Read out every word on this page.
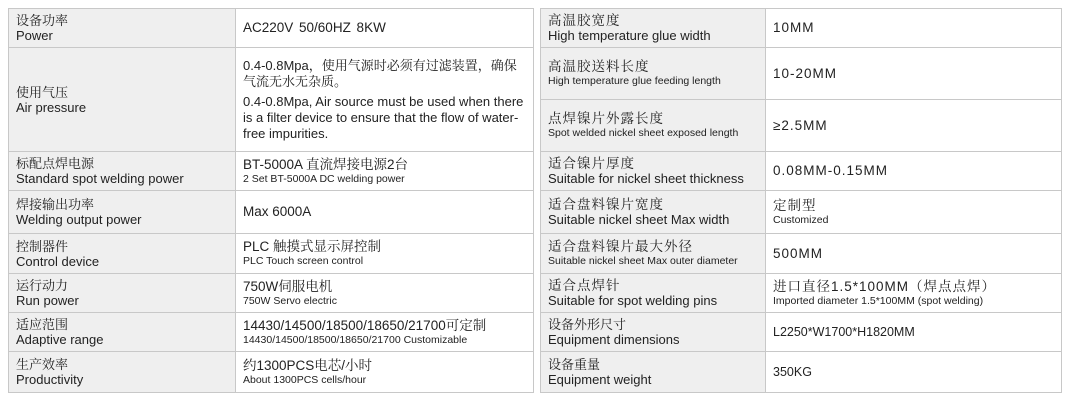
设备功率
Power	AC220V 50/60HZ 8KW

使用气压
Air pressure	0.4-0.8Mpa，使用气源时必须有过滤装置，确保气流无水无杂质。
0.4-0.8Mpa, Air source must be used when there is a filter device to ensure that the flow of water-free impurities.

标配点焊电源
Standard spot welding power	BT-5000A 直流焊接电源2台
2 Set BT-5000A DC welding power

焊接输出功率
Welding output power	Max 6000A

控制器件
Control device	PLC 触摸式显示屏控制
PLC Touch screen control

运行动力
Run power	750W伺服电机
750W Servo electric

适应范围
Adaptive range	14430/14500/18500/18650/21700可定制
14430/14500/18500/18650/21700 Customizable

生产效率
Productivity	约1300PCS电芯/小时
About 1300PCS cells/hour
高温胶宽度
High temperature glue width	10MM

高温胶送料长度
High temperature glue feeding length	10-20MM

点焊镍片外露长度
Spot welded nickel sheet exposed length	≥2.5MM

适合镍片厚度
Suitable for nickel sheet thickness	0.08MM-0.15MM

适合盘料镍片宽度
Suitable nickel sheet Max width	定制型
Customized

适合盘料镍片最大外径
Suitable nickel sheet Max outer diameter	500MM

适合点焊针
Suitable for spot welding pins	进口直径1.5*100MM（焊点点焊）
Imported diameter 1.5*100MM (spot welding)

设备外形尺寸
Equipment dimensions	L2250*W1700*H1820MM

设备重量
Equipment weight	350KG
